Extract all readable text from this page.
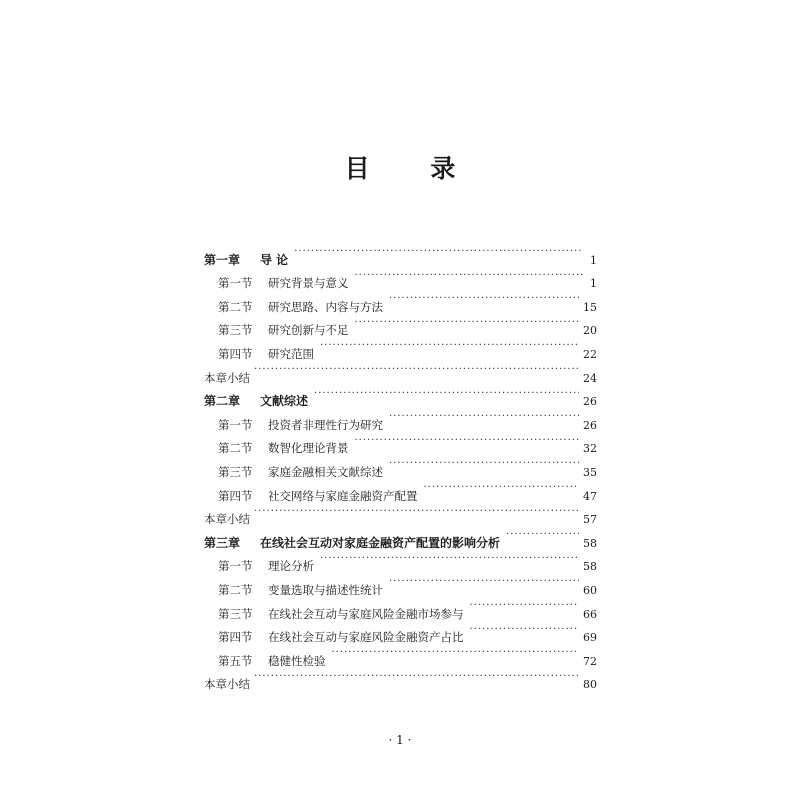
目 录
第一章	导 论 ·····	1
第一节	研究背景与意义 ·····	1
第二节	研究思路、内容与方法 ·····	15
第三节	研究创新与不足 ·····	20
第四节	研究范围 ·····	22
本章小结 ·····	24
第二章	文献综述 ·····	26
第一节	投资者非理性行为研究 ·····	26
第二节	数智化理论背景 ·····	32
第三节	家庭金融相关文献综述 ·····	35
第四节	社交网络与家庭金融资产配置 ·····	47
本章小结 ·····	57
第三章	在线社会互动对家庭金融资产配置的影响分析 ·····	58
第一节	理论分析 ·····	58
第二节	变量选取与描述性统计 ·····	60
第三节	在线社会互动与家庭风险金融市场参与 ·····	66
第四节	在线社会互动与家庭风险金融资产占比 ·····	69
第五节	稳健性检验 ·····	72
本章小结 ·····	80
· 1 ·
